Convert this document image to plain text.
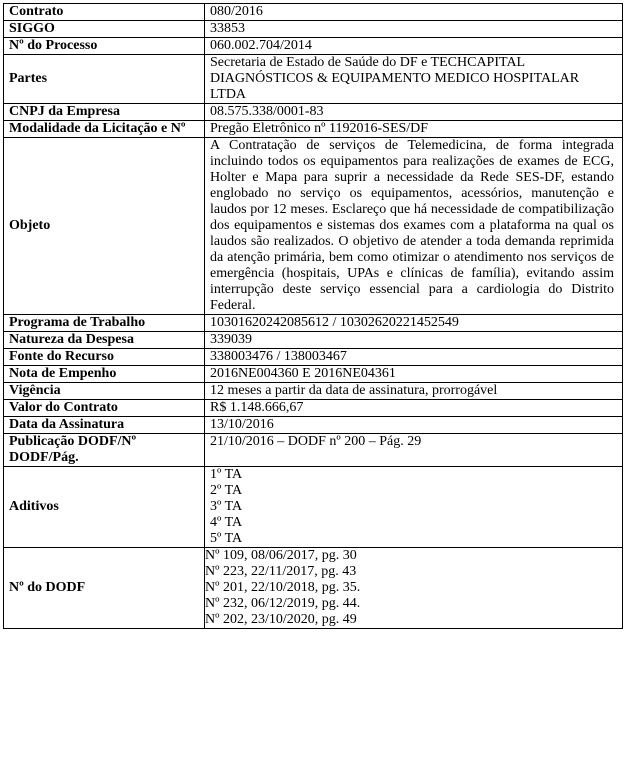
Contrato	080/2016
SIGGO	33853
Nº do Processo	060.002.704/2014
Partes	Secretaria de Estado de Saúde do DF e TECHCAPITAL DIAGNÓSTICOS & EQUIPAMENTO MEDICO HOSPITALAR LTDA
CNPJ da Empresa	08.575.338/0001-83
Modalidade da Licitação e Nº	Pregão Eletrônico nº 1192016-SES/DF
Objeto	A Contratação de serviços de Telemedicina, de forma integrada incluindo todos os equipamentos para realizações de exames de ECG, Holter e Mapa para suprir a necessidade da Rede SES-DF, estando englobado no serviço os equipamentos, acessórios, manutenção e laudos por 12 meses. Esclareço que há necessidade de compatibilização dos equipamentos e sistemas dos exames com a plataforma na qual os laudos são realizados. O objetivo de atender a toda demanda reprimida da atenção primária, bem como otimizar o atendimento nos serviços de emergência (hospitais, UPAs e clínicas de família), evitando assim interrupção deste serviço essencial para a cardiologia do Distrito Federal.
Programa de Trabalho	10301620242085612 / 10302620221452549
Natureza da Despesa	339039
Fonte do Recurso	338003476 / 138003467
Nota de Empenho	2016NE004360 E 2016NE04361
Vigência	12 meses a partir da data de assinatura, prorrogável
Valor do Contrato	R$ 1.148.666,67
Data da Assinatura	13/10/2016
Publicação DODF/Nº DODF/Pág.	21/10/2016 – DODF nº 200 – Pág. 29
Aditivos	1º TA
2º TA
3º TA
4º TA
5º TA

Nº do DODF	Nº 109, 08/06/2017, pg. 30
Nº 223, 22/11/2017, pg. 43
Nº 201, 22/10/2018, pg. 35.
Nº 232, 06/12/2019, pg. 44.
Nº 202, 23/10/2020, pg. 49
